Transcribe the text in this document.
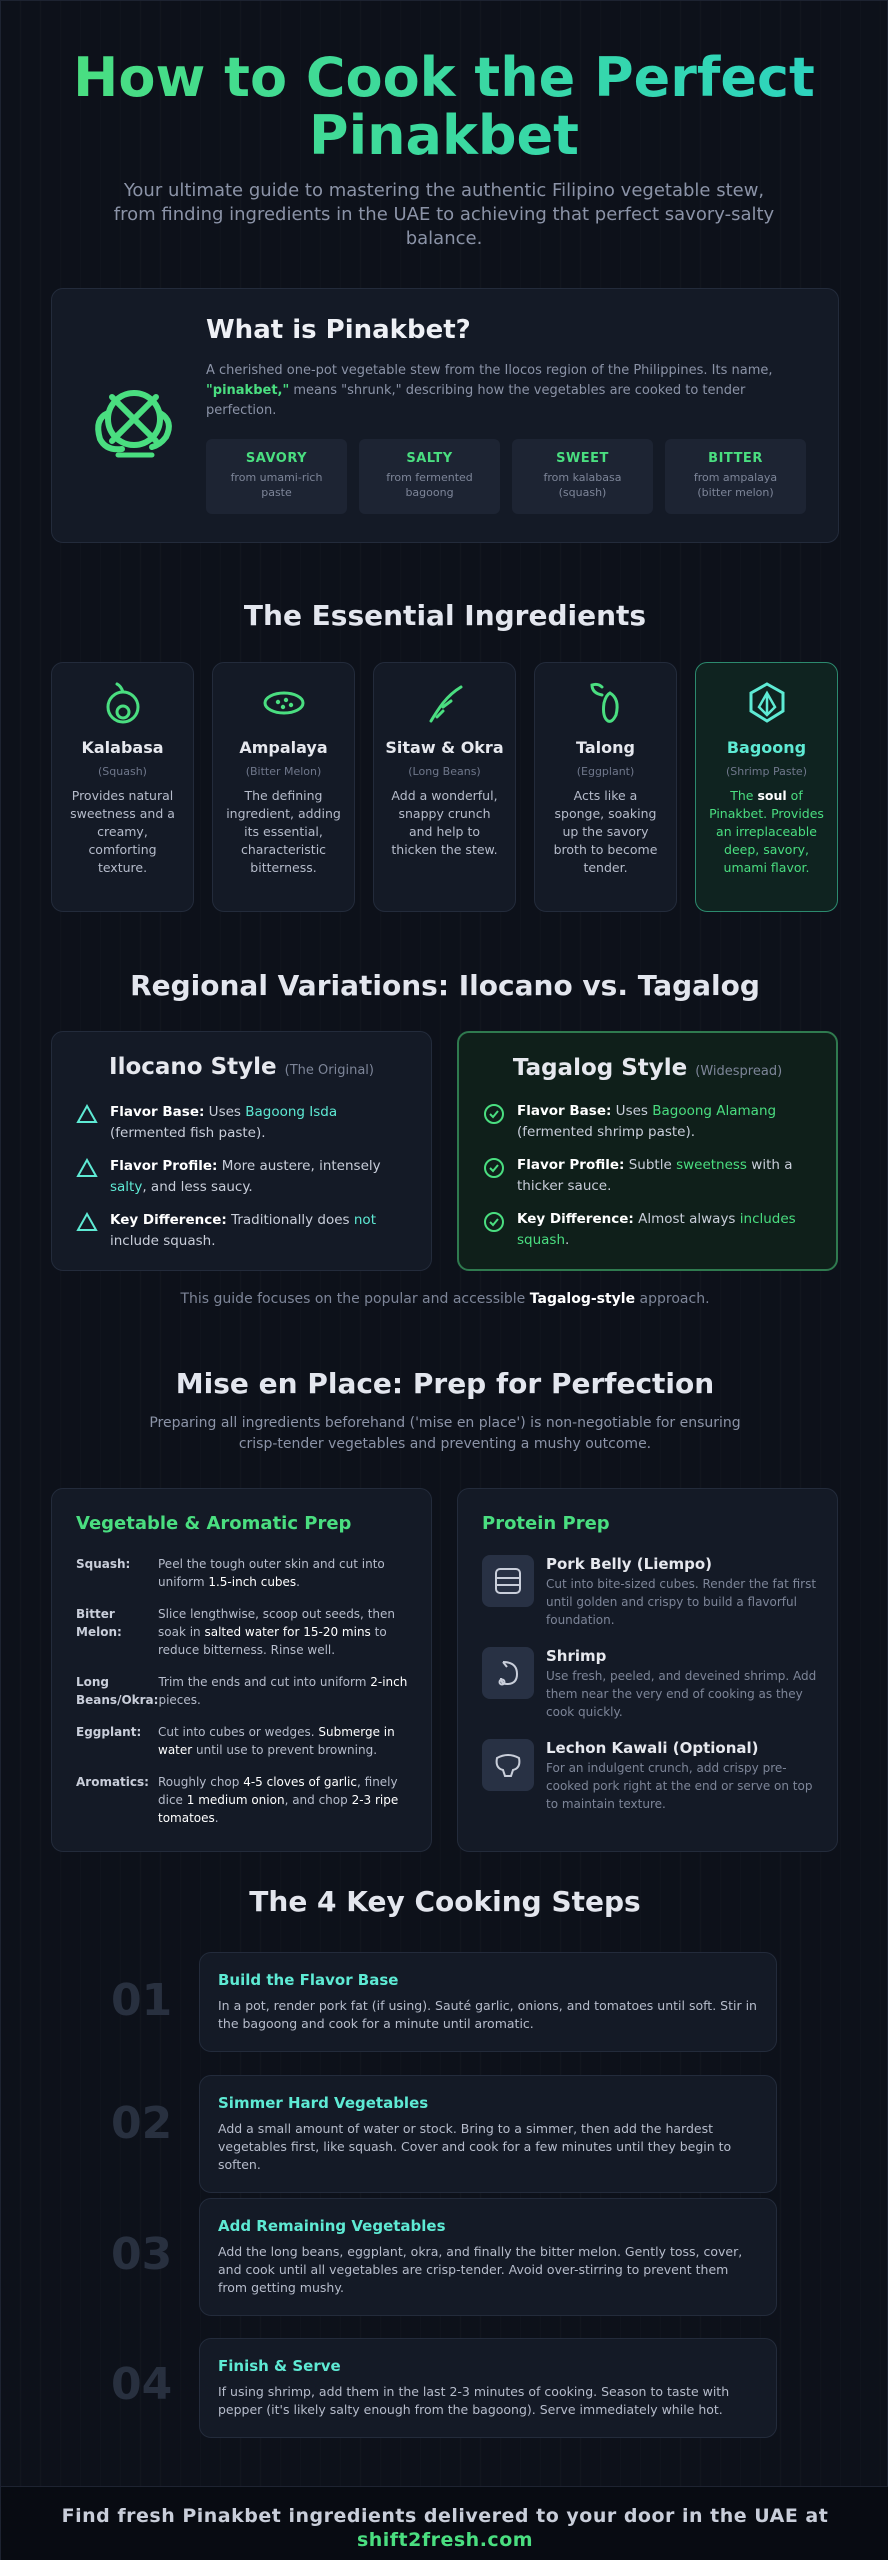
How to Cook the Perfect Pinakbet

Your ultimate guide to mastering the authentic Filipino vegetable stew, from finding ingredients in the UAE to achieving that perfect savory-salty balance.

What is Pinakbet?

A cherished one-pot vegetable stew from the Ilocos region of the Philippines. Its name, "pinakbet," means "shrunk," describing how the vegetables are cooked to tender perfection.

SAVORY
from umami-rich paste
SALTY
from fermented bagoong
SWEET
from kalabasa (squash)
BITTER
from ampalaya (bitter melon)
The Essential Ingredients
Kalabasa
(Squash)
Provides natural sweetness and a creamy, comforting texture.
Ampalaya
(Bitter Melon)
The defining ingredient, adding its essential, characteristic bitterness.
Sitaw & Okra
(Long Beans)
Add a wonderful, snappy crunch and help to thicken the stew.
Talong
(Eggplant)
Acts like a sponge, soaking up the savory broth to become tender.
Bagoong
(Shrimp Paste)
The soul of Pinakbet. Provides an irreplaceable deep, savory, umami flavor.
Regional Variations: Ilocano vs. Tagalog
Ilocano Style (The Original)
Flavor Base: Uses Bagoong Isda (fermented fish paste).
Flavor Profile: More austere, intensely salty, and less saucy.
Key Difference: Traditionally does not include squash.
Tagalog Style (Widespread)
Flavor Base: Uses Bagoong Alamang (fermented shrimp paste).
Flavor Profile: Subtle sweetness with a thicker sauce.
Key Difference: Almost always includes squash.

This guide focuses on the popular and accessible Tagalog-style approach.

Mise en Place: Prep for Perfection

Preparing all ingredients beforehand ('mise en place') is non-negotiable for ensuring crisp-tender vegetables and preventing a mushy outcome.

Vegetable & Aromatic Prep
Squash:	Peel the tough outer skin and cut into uniform 1.5-inch cubes.
Bitter Melon:
Slice lengthwise, scoop out seeds, then soak in salted water for 15-20 mins to reduce bitterness. Rinse well.
Long Beans/Okra:
Trim the ends and cut into uniform 2-inch pieces.
Eggplant:	Cut into cubes or wedges. Submerge in water until use to prevent browning.
Aromatics: Roughly chop 4-5 cloves of garlic, finely dice 1 medium onion, and chop 2-3 ripe tomatoes.
Protein Prep
Pork Belly (Liempo)
Cut into bite-sized cubes. Render the fat first until golden and crispy to build a flavorful foundation.
Shrimp
Use fresh, peeled, and deveined shrimp. Add them near the very end of cooking as they cook quickly.
Lechon Kawali (Optional)
For an indulgent crunch, add crispy pre-cooked pork right at the end or serve on top to maintain texture.
The 4 Key Cooking Steps
01	Build the Flavor Base
In a pot, render pork fat (if using). Sauté garlic, onions, and tomatoes until soft. Stir in the bagoong and cook for a minute until aromatic.
02	Simmer Hard Vegetables
Add a small amount of water or stock. Bring to a simmer, then add the hardest vegetables first, like squash. Cover and cook for a few minutes until they begin to soften.
03
Add Remaining Vegetables
Add the long beans, eggplant, okra, and finally the bitter melon. Gently toss, cover, and cook until all vegetables are crisp-tender. Avoid over-stirring to prevent them from getting mushy.
04	Finish & Serve
If using shrimp, add them in the last 2-3 minutes of cooking. Season to taste with pepper (it's likely salty enough from the bagoong). Serve immediately while hot.
Find fresh Pinakbet ingredients delivered to your door in the UAE at
shift2fresh.com
